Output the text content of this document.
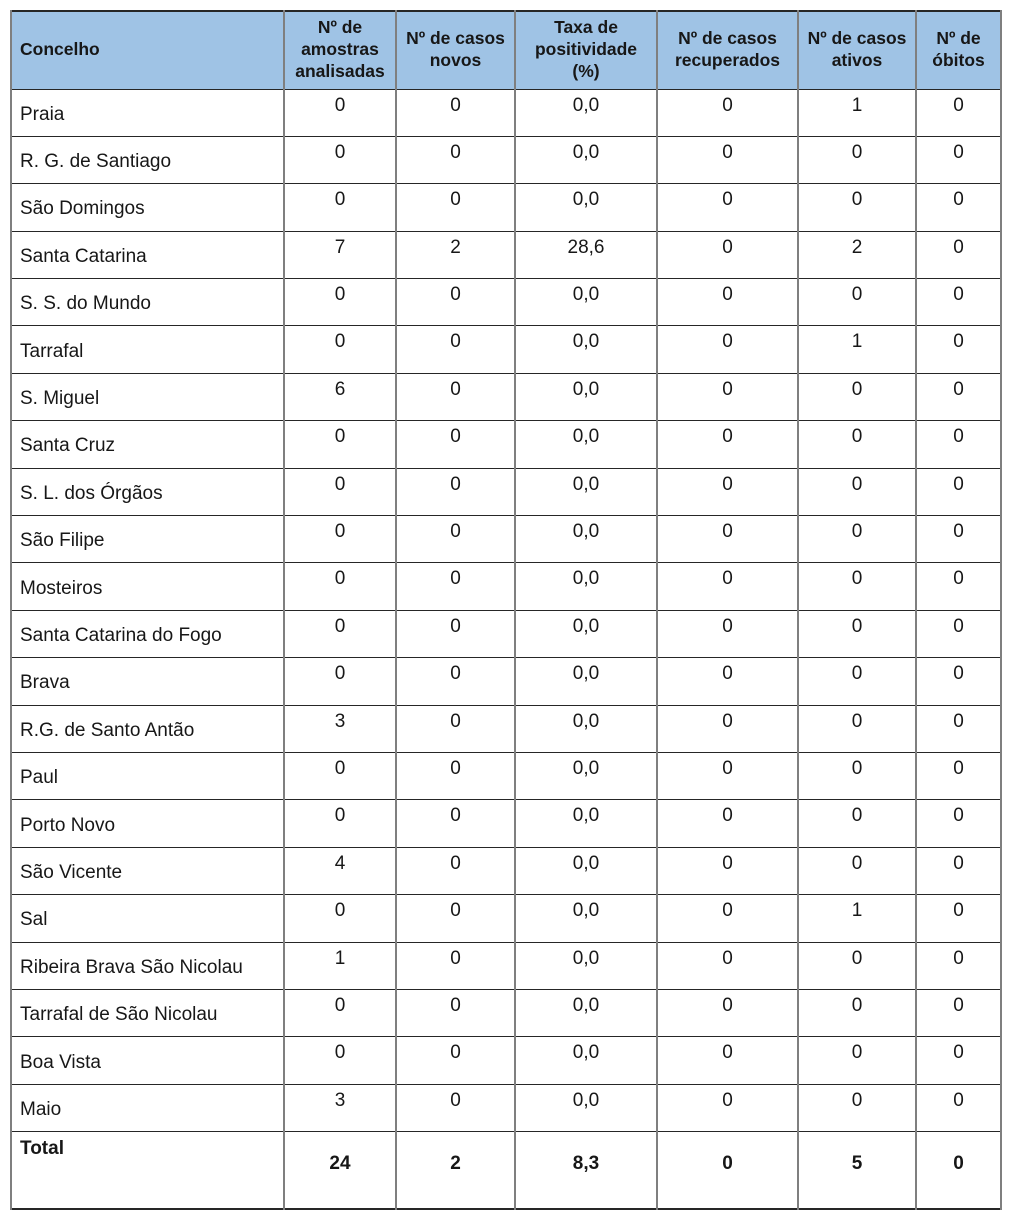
Concelho	Nº de amostras analisadas	Nº de casos novos	Taxa de positividade (%)	Nº de casos recuperados	Nº de casos ativos	Nº de óbitos
Praia	0	0	0,0	0	1	0
R. G. de Santiago	0	0	0,0	0	0	0
São Domingos	0	0	0,0	0	0	0
Santa Catarina	7	2	28,6	0	2	0
S. S. do Mundo	0	0	0,0	0	0	0
Tarrafal	0	0	0,0	0	1	0
S. Miguel	6	0	0,0	0	0	0
Santa Cruz	0	0	0,0	0	0	0
S. L. dos Órgãos	0	0	0,0	0	0	0
São Filipe	0	0	0,0	0	0	0
Mosteiros	0	0	0,0	0	0	0
Santa Catarina do Fogo	0	0	0,0	0	0	0
Brava	0	0	0,0	0	0	0
R.G. de Santo Antão	3	0	0,0	0	0	0
Paul	0	0	0,0	0	0	0
Porto Novo	0	0	0,0	0	0	0
São Vicente	4	0	0,0	0	0	0
Sal	0	0	0,0	0	1	0
Ribeira Brava São Nicolau	1	0	0,0	0	0	0
Tarrafal de São Nicolau	0	0	0,0	0	0	0
Boa Vista	0	0	0,0	0	0	0
Maio	3	0	0,0	0	0	0
Total	24	2	8,3	0	5	0
